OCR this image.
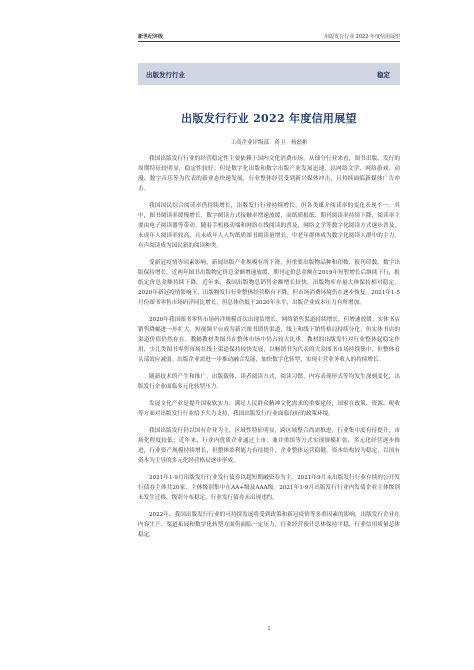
新世纪评级	出版发行行业 2022 年度信用展望
出版发行行业	稳定
出版发行行业 2022 年度信用展望
工商企业评级部　蒋卫　杨磊彬

我国出版发行行业的经营稳定性主要依赖于国内文化消费市场，从细分行业来看，图书出版、发行的周期特征较明显，稳定性较好；但是数字化出版和数字出版产业发展迅速，以网络文学、网络游戏、动漫、数字音乐等为代表的新业态快速发展，行业整体经营受到新兴媒体冲击，且持续面临新媒体广告冲击。

我国国民综合阅读率仍持续增长，出版发行行业持续增长，但各类媒介阅读率的变化表现不一。其中，图书阅读率缓慢增长，数字阅读方式接触率增速放缓，而纸质报纸、期刊阅读率持续下降，阅读率主要由电子阅读器等带动。随着手机移动端和网络在线阅读的普及，网络文学等数字化阅读方式逐步普及，未成年人阅读率较高，且未成年人人均纸质图书阅读量增长，中老年群体成为数字化阅读人群中的主力。有声阅读成为国民新的阅读种类。

受新冠疫情等因素影响，新闻出版产业规模有所下滑，但重要出版物品种和印数、报刊印数、数字出版保持增长。近两年图书出版物定价总金额增速放缓，期刊定价总金额在2019年短暂增长后继续下行，报纸定价总金额持续下降。近年来，我国出版物总销售金额增长较快，出版物库存量大体保持相对稳定。2020年新冠疫情影响下，出版物发行行业整体经营略有下降，但市场消费环境仍在逐步恢复。2021年1-5月份图书零售市场码洋同比增长，但总体仍低于2020年水平，出版企业成本压力有所增加。

2020年我国图书零售市场码洋规模首次出现负增长，网络销售渠道持续增长，但增速放缓；实体书店销售降幅进一步扩大，短视频平台成为新兴图书销售渠道，线上和线下销售格局持续分化，但实体书店的渠道价值仍然存在。教辅教材类图书在整体市场中仍占较大比重，教材的出版发行对行业整体起稳定作用，少儿类图书零售市场在线上渠道保持较快发展，以畅销书为代表的大众图书市场持续集中，但整体看头部效应减弱。出版企业需进一步推动融合发展，加快数字化转型，实现主营业务收入的持续增长。

随新技术的产生和推广，出版载体、读者阅读方式、阅读习惯、内容表现形式等均发生深刻变化，出版发行企业面临多元化转型压力。

发展文化产业是提升国家软实力、满足人民群众精神文化需求的重要途径，国家在政策、资源、税收等方面对出版发行行业给予大力支持，我国出版发行行业面临良好的政策环境。

我国出版发行仍以国有企业为主，区域性特征明显，跨区域整合尚需推进，行业集中度有待提升，市场化程度较低；近年来，行业内优质企业通过上市、兼并重组等方式实现规模扩张，多元化经营逐步推进，行业资产规模持续增长，但整体盈利能力有待提升，企业整体运营稳健，资本结构较为稳定，以国有资本为主导的多元化经营格局逐步形成。

2021年1-9月出版发行行业发行债券以超短期融资券为主。2021年9月末出版发行行业存续的公开发行债券主体共20家，主体级别集中在AA+级及AAA级。2021年1-9月出版发行行业内发债企业主体级别未发生迁移，级别分布稳定，行业发行债券未出现违约。

2022年，我国出版发行行业的可持续发展将受到政策和新冠疫情等多重因素的影响，出版发行企业在内容生产、渠道拓展和数字化转型方面仍面临一定压力，行业经营预计总体保持平稳，行业信用质量总体稳定。

1
